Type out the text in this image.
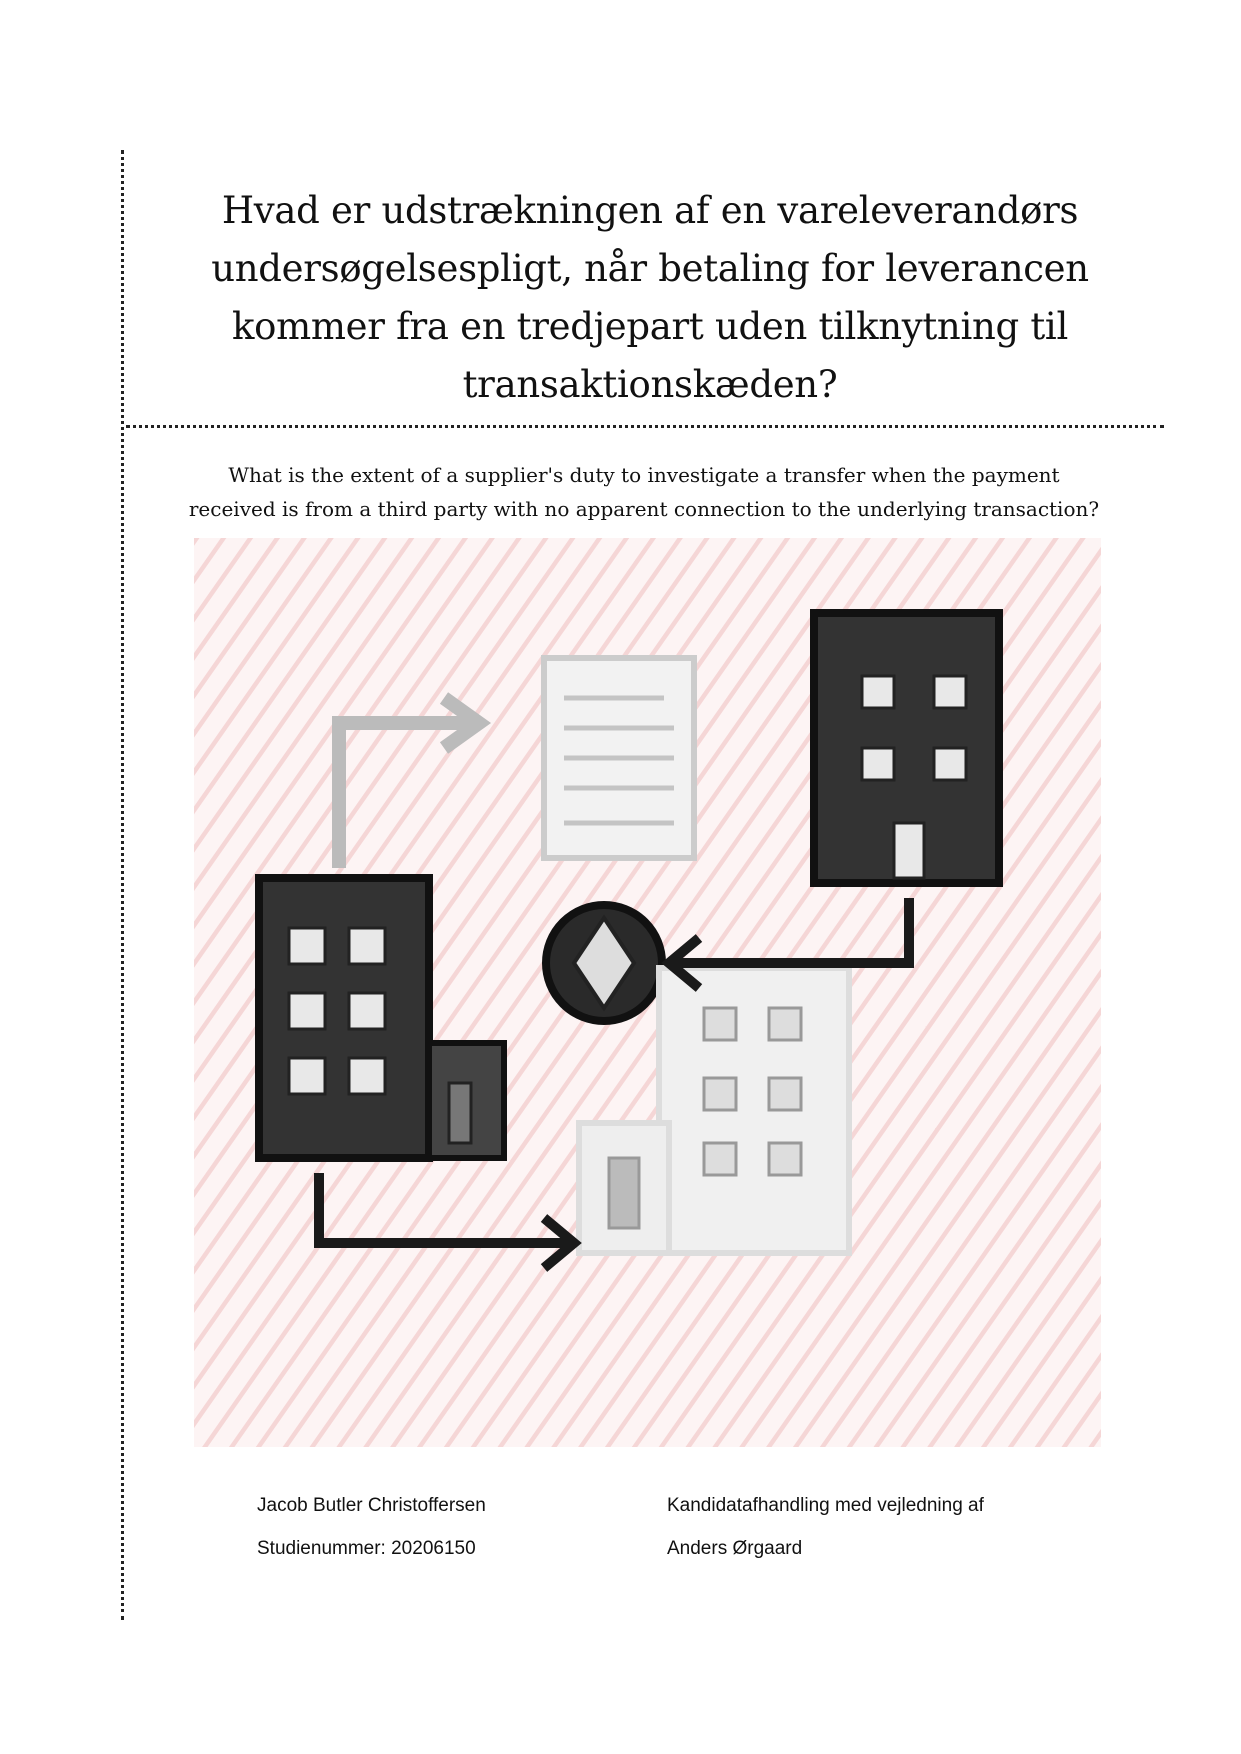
Hvad er udstrækningen af en vareleverandørs
undersøgelsespligt, når betaling for leverancen
kommer fra en tredjepart uden tilknytning til
transaktionskæden?
What is the extent of a supplier's duty to investigate a transfer when the payment
received is from a third party with no apparent connection to the underlying transaction?
Jacob Butler Christoffersen
Studienummer: 20206150
Kandidatafhandling med vejledning af
Anders Ørgaard
